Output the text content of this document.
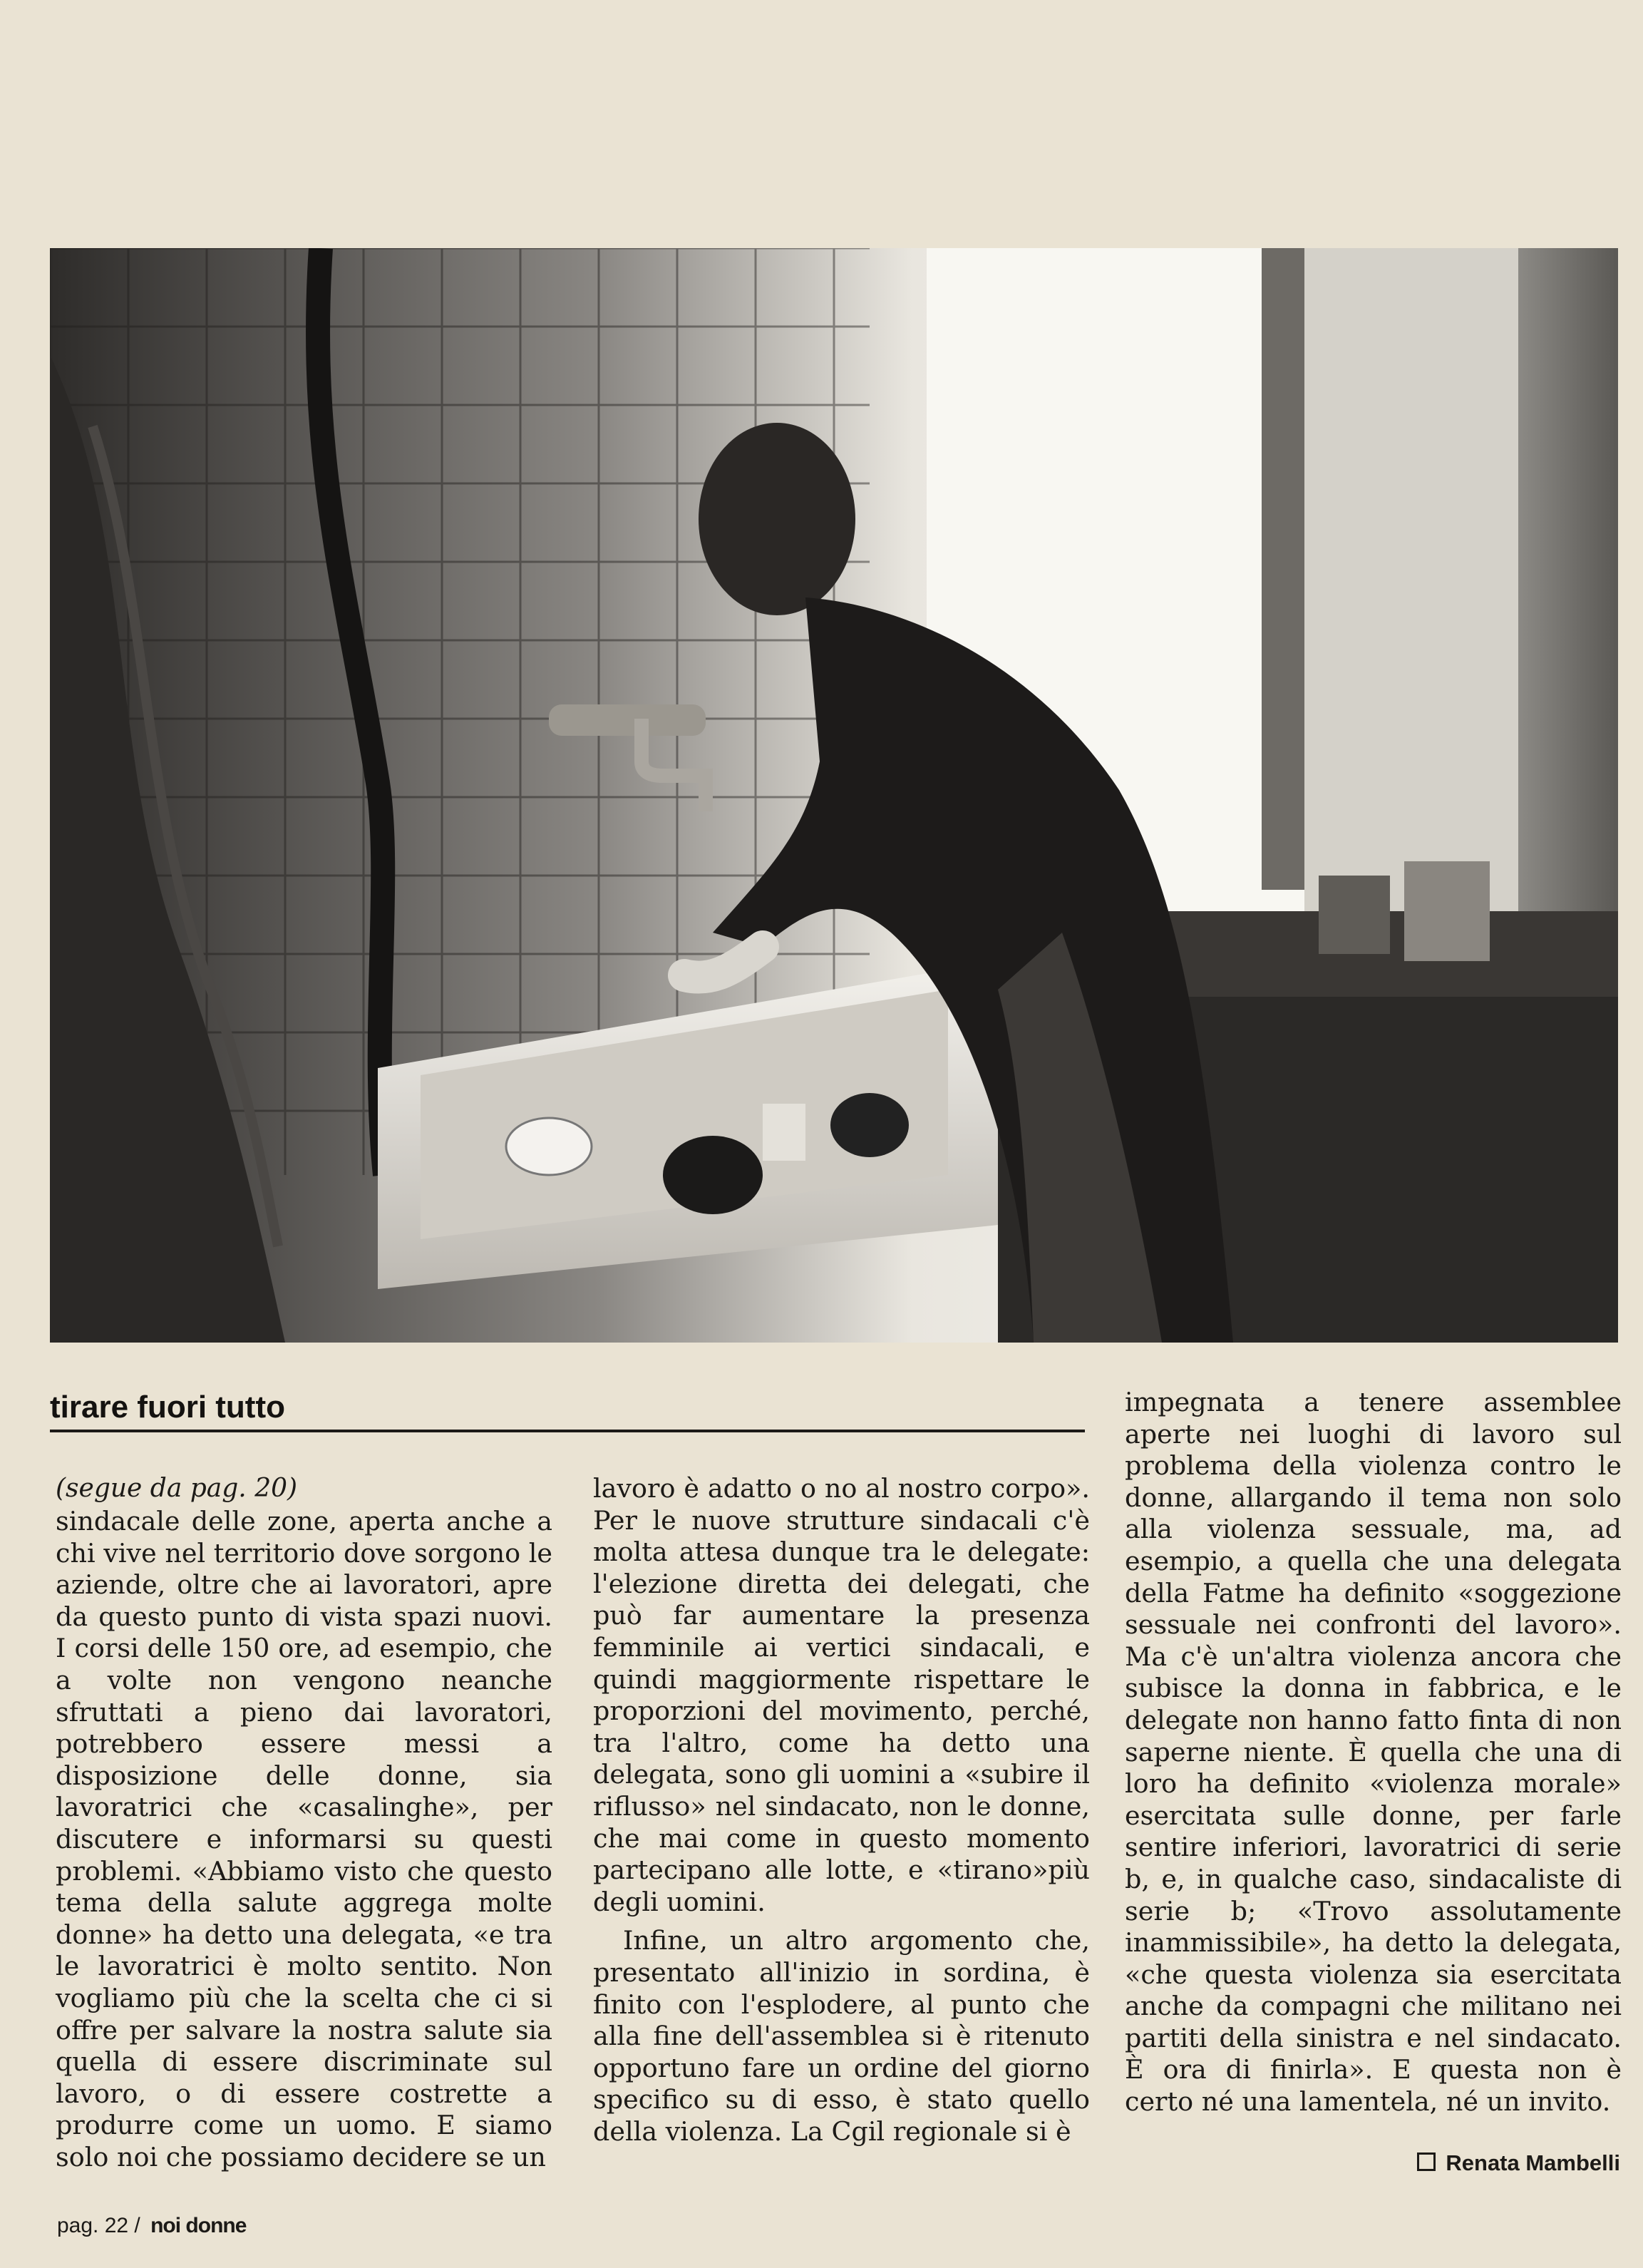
tirare fuori tutto
(segue da pag. 20)

sindacale delle zone, aperta anche a chi vive nel territorio dove sorgono le aziende, oltre che ai lavoratori, apre da questo punto di vista spazi nuovi. I corsi delle 150 ore, ad esempio, che a volte non vengono neanche sfruttati a pieno dai lavoratori, potrebbero essere messi a disposizione delle donne, sia lavoratrici che «casalinghe», per discutere e informarsi su questi problemi. «Abbiamo visto che questo tema della salute aggrega molte donne» ha detto una delegata, «e tra le lavoratrici è molto sentito. Non vogliamo più che la scelta che ci si offre per salvare la nostra salute sia quella di essere discriminate sul lavoro, o di essere costrette a produrre come un uomo. E siamo solo noi che possiamo decidere se un

lavoro è adatto o no al nostro corpo». Per le nuove strutture sindacali c'è molta attesa dunque tra le delegate: l'elezione diretta dei delegati, che può far aumentare la presenza femminile ai vertici sindacali, e quindi maggiormente rispettare le proporzioni del movimento, perché, tra l'altro, come ha detto una delegata, sono gli uomini a «subire il riflusso» nel sindacato, non le donne, che mai come in questo momento partecipano alle lotte, e «tirano»più degli uomini.

Infine, un altro argomento che, presentato all'inizio in sordina, è finito con l'esplodere, al punto che alla fine dell'assemblea si è ritenuto opportuno fare un ordine del giorno specifico su di esso, è stato quello della violenza. La Cgil regionale si è

impegnata a tenere assemblee aperte nei luoghi di lavoro sul problema della violenza contro le donne, allargando il tema non solo alla violenza sessuale, ma, ad esempio, a quella che una delegata della Fatme ha definito «soggezione sessuale nei confronti del lavoro». Ma c'è un'altra violenza ancora che subisce la donna in fabbrica, e le delegate non hanno fatto finta di non saperne niente. È quella che una di loro ha definito «violenza morale» esercitata sulle donne, per farle sentire inferiori, lavoratrici di serie b, e, in qualche caso, sindacaliste di serie b; «Trovo assolutamente inammissibile», ha detto la delegata, «che questa violenza sia esercitata anche da compagni che militano nei partiti della sinistra e nel sindacato. È ora di finirla». E questa non è certo né una lamentela, né un invito.

Renata Mambelli
pag. 22 / noi donne
